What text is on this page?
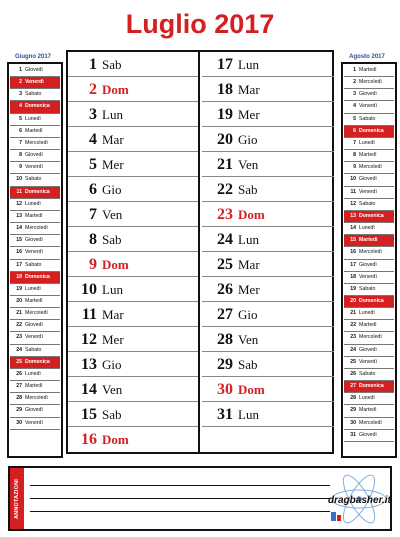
Luglio 2017
Giugno 2017
1 Giovedì
2 Venerdì
3 Sabato
4 Domenica
5 Lunedì
6 Martedì
7 Mercoledì
8 Giovedì
9 Venerdì
10 Sabato
11 Domenica
12 Lunedì
13 Martedì
14 Mercoledì
15 Giovedì
16 Venerdì
17 Sabato
18 Domenica
19 Lunedì
20 Martedì
21 Mercoledì
22 Giovedì
23 Venerdì
24 Sabato
25 Domenica
26 Lunedì
27 Martedì
28 Mercoledì
29 Giovedì
30 Venerdì
Agosto 2017
1 Martedì
2 Mercoledì
3 Giovedì
4 Venerdì
5 Sabato
6 Domenica
7 Lunedì
8 Martedì
9 Mercoledì
10 Giovedì
11 Venerdì
12 Sabato
13 Domenica
14 Lunedì
15 Martedì
16 Mercoledì
17 Giovedì
18 Venerdì
19 Sabato
20 Domenica
21 Lunedì
22 Martedì
23 Mercoledì
24 Giovedì
25 Venerdì
26 Sabato
27 Domenica
28 Lunedì
29 Martedì
30 Mercoledì
31 Giovedì
1 Sab
2 Dom
3 Lun
4 Mar
5 Mer
6 Gio
7 Ven
8 Sab
9 Dom
10 Lun
11 Mar
12 Mer
13 Gio
14 Ven
15 Sab
16 Dom
17 Lun
18 Mar
19 Mer
20 Gio
21 Ven
22 Sab
23 Dom
24 Lun
25 Mar
26 Mer
27 Gio
28 Ven
29 Sab
30 Dom
31 Lun
ANNOTAZIONI	dragbasher.it
